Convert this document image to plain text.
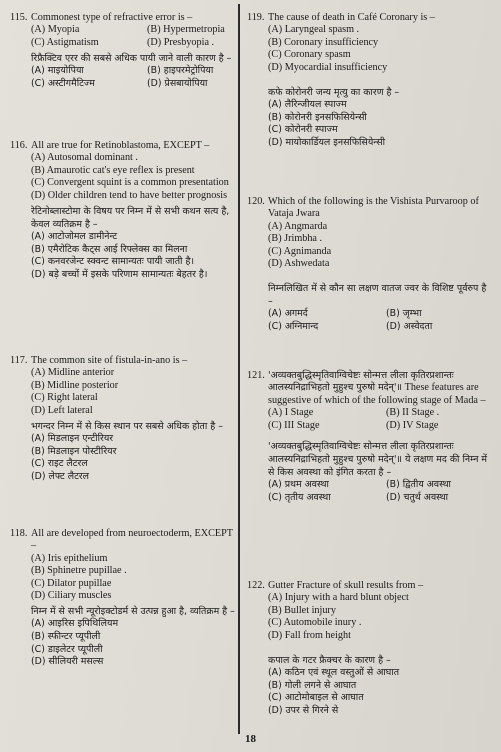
115. Commonest type of refractive error is –
(A) Myopia	(B) Hypermetropia
(C) Astigmatism	(D) Presbyopia .
रिफ्रैक्टिव एरर की सबसे अधिक पायी जाने वाली कारण है –
(A) माइयोपिया	(B) हाइपरमेट्रोपिया
(C) अस्टीगमैटिज्म	(D) प्रेसबायोपिया
116. All are true for Retinoblastoma, EXCEPT –
(A) Autosomal dominant .
(B) Amaurotic cat's eye reflex is present
(C) Convergent squint is a common presentation
(D) Older children tend to have better prognosis
रेटिनोब्लास्टोमा के विषय पर निम्न में से सभी कथन सत्य है, केवल व्यतिक्रम है –
(A) आटोजोमल डामीनेन्ट
(B) एमैरोटिक कैट्स आई रिफ्लेक्स का मिलना
(C) कनवरजेन्ट स्क्वन्ट सामान्यतः पायी जाती है।
(D) बड़े बच्चों में इसके परिणाम सामान्यतः बेहतर है।
117. The common site of fistula-in-ano is –
(A) Midline anterior
(B) Midline posterior
(C) Right lateral
(D) Left lateral
भगन्दर निम्न में से किस स्थान पर सबसे अधिक होता है –
(A) मिडलाइन एन्टीरियर
(B) मिडलाइन पोस्टीरियर
(C) राइट लैटरल
(D) लेफ्ट लैटरल
118. All are developed from neuroectoderm, EXCEPT –
(A) Iris epithelium
(B) Sphinetre pupillae .
(C) Dilator pupillae
(D) Ciliary muscles
निम्न में से सभी न्यूरोइक्टोडर्म से उत्पन्न हुआ है, व्यतिक्रम है –
(A) आइरिस इपिथिलियम
(B) स्फीन्टर प्यूपीली
(C) डाइलेटर प्यूपीली
(D) सीलियरी मसल्स
119. The cause of death in Café Coronary is –
(A) Laryngeal spasm .
(B) Coronary insufficiency
(C) Coronary spasm
(D) Myocardial insufficiency
कफे कोरोनरी जन्य मृत्यु का कारण है –
(A) लैरिन्जीयल स्पाज्म
(B) कोरोनरी इनसफिसियेन्सी
(C) कोरोनरी स्पाज्म
(D) मायोकार्डियल इनसफिसियेन्सी
120. Which of the following is the Vishista Purvaroop of Vataja Jwara
(A) Angmarda
(B) Jrimbha .
(C) Agnimanda
(D) Ashwedata
निम्नलिखित में से कौन सा लक्षण वातज ज्वर के विशिष्ट पूर्वरुप है –
(A) अगमर्द	(B) जृम्भा
(C) अग्निमान्द	(D) अस्वेदता
121. 'अव्यक्तबुद्धिस्मृतिवाग्विचेष्टः सोन्मत्त लीला कृतिरप्रशान्तः आलस्यनिद्राभिहतो मुहुश्च पुरुषो मदेन्'॥ These features are suggestive of which of the following stage of Mada –
(A) I Stage	(B) II Stage .
(C) III Stage	(D) IV Stage
'अव्यक्तबुद्धिस्मृतिवाग्विचेष्टः सोन्मत्त लीला कृतिरप्रशान्तः आलस्यनिद्राभिहतो मुहुश्च पुरुषो मदेन्'॥ ये लक्षण मद की निम्न में से किस अवस्था को इंगित करता है –
(A) प्रथम अवस्था	(B) द्वितीय अवस्था
(C) तृतीय अवस्था	(D) चतुर्थ अवस्था
122. Gutter Fracture of skull results from –
(A) Injury with a hard blunt object
(B) Bullet injury
(C) Automobile inury .
(D) Fall from height
कपाल के गटर फ्रैक्चर के कारण है –
(A) कठिन एवं स्थूल वस्तुओं से आघात
(B) गोली लगने से आघात
(C) आटोमोबाइल से आघात
(D) उपर से गिरने से
18
